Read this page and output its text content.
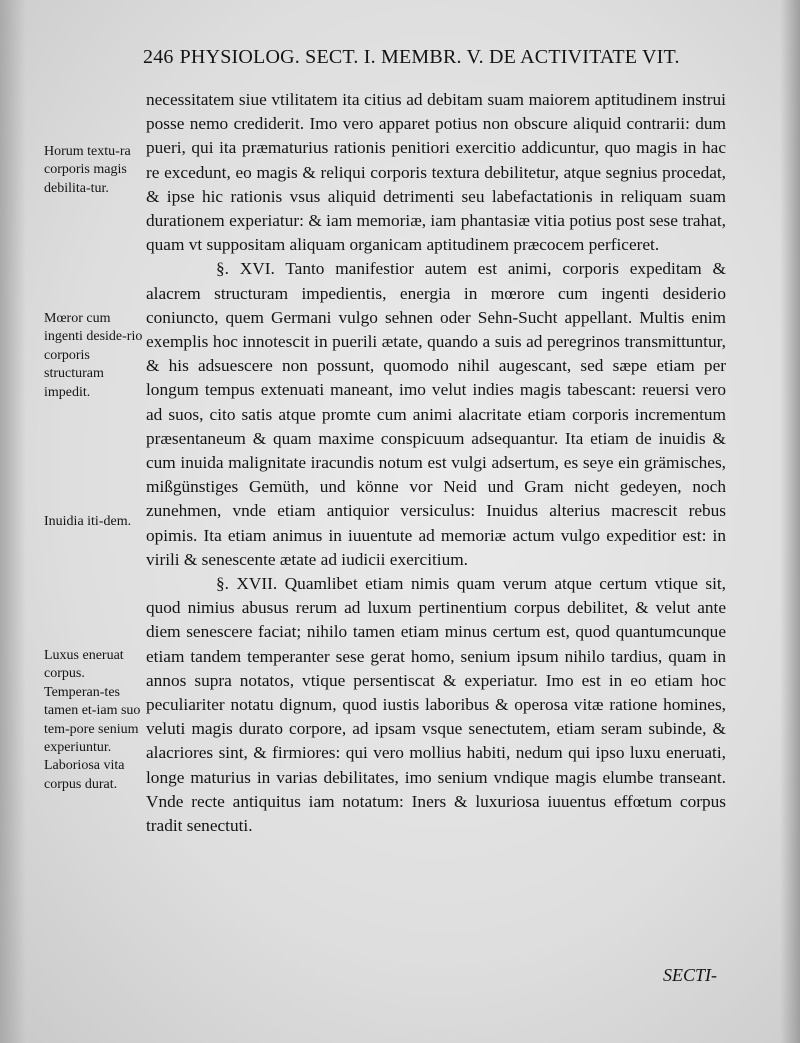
246 PHYSIOLOG. SECT. I. MEMBR. V. DE ACTIVITATE VIT.
Horum textu-ra corporis magis debilita-tur.
Mœror cum ingenti deside-rio corporis structuram impedit.
Inuidia iti-dem.
Luxus eneruat corpus. Temperan-tes tamen et-iam suo tem-pore senium experiuntur. Laboriosa vita corpus durat.

necessitatem siue vtilitatem ita citius ad debitam suam maiorem aptitudinem instrui posse nemo crediderit. Imo vero apparet potius non obscure aliquid contrarii: dum pueri, qui ita præmaturius rationis penitiori exercitio addicuntur, quo magis in hac re excedunt, eo magis & reliqui corporis textura debilitetur, atque segnius procedat, & ipse hic rationis vsus aliquid detrimenti seu labefactationis in reliquam suam durationem experiatur: & iam memoriæ, iam phantasiæ vitia potius post sese trahat, quam vt suppositam aliquam organicam aptitudinem præcocem perficeret.

§. XVI. Tanto manifestior autem est animi, corporis expeditam & alacrem structuram impedientis, energia in mœrore cum ingenti desiderio coniuncto, quem Germani vulgo sehnen oder Sehn-Sucht appellant. Multis enim exemplis hoc innotescit in puerili ætate, quando a suis ad peregrinos transmittuntur, & his adsuescere non possunt, quomodo nihil augescant, sed sæpe etiam per longum tempus extenuati maneant, imo velut indies magis tabescant: reuersi vero ad suos, cito satis atque promte cum animi alacritate etiam corporis incrementum præsentaneum & quam maxime conspicuum adsequantur. Ita etiam de inuidis & cum inuida malignitate iracundis notum est vulgi adsertum, es seye ein grämisches, mißgünstiges Gemüth, und könne vor Neid und Gram nicht gedeyen, noch zunehmen, vnde etiam antiquior versiculus: Inuidus alterius macrescit rebus opimis. Ita etiam animus in iuuentute ad memoriæ actum vulgo expeditior est: in virili & senescente ætate ad iudicii exercitium.

§. XVII. Quamlibet etiam nimis quam verum atque certum vtique sit, quod nimius abusus rerum ad luxum pertinentium corpus debilitet, & velut ante diem senescere faciat; nihilo tamen etiam minus certum est, quod quantumcunque etiam tandem temperanter sese gerat homo, senium ipsum nihilo tardius, quam in annos supra notatos, vtique persentiscat & experiatur. Imo est in eo etiam hoc peculiariter notatu dignum, quod iustis laboribus & operosa vitæ ratione homines, veluti magis durato corpore, ad ipsam vsque senectutem, etiam seram subinde, & alacriores sint, & firmiores: qui vero mollius habiti, nedum qui ipso luxu eneruati, longe maturius in varias debilitates, imo senium vndique magis elumbe transeant. Vnde recte antiquitus iam notatum: Iners & luxuriosa iuuentus effœtum corpus tradit senectuti.

SECTI-
